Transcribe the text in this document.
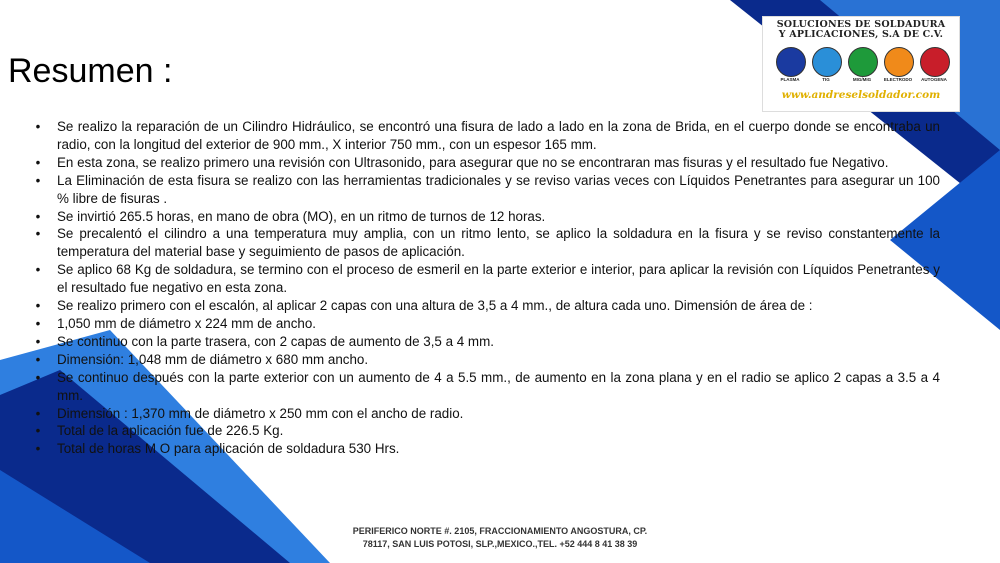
Resumen :
SOLUCIONES DE SOLDADURA
Y APLICACIONES, S.A DE C.V.
PLASMA	TIG	MIG/MIG	ELECTRODO	AUTOGENA
www.andreselsoldador.com
• Se realizo la reparación de un Cilindro Hidráulico, se encontró una fisura de lado a lado en la zona de Brida, en el cuerpo donde se encontraba un radio, con la longitud del exterior de 900 mm., X interior 750 mm., con un espesor 165 mm.
• En esta zona, se realizo primero una revisión con Ultrasonido, para asegurar que no se encontraran mas fisuras y el resultado fue Negativo.
• La Eliminación de esta fisura se realizo con las herramientas tradicionales y se reviso varias veces con Líquidos Penetrantes para asegurar un 100 % libre de fisuras .
• Se invirtió 265.5 horas, en mano de obra (MO), en un ritmo de turnos de 12 horas.
• Se precalentó el cilindro a una temperatura muy amplia, con un ritmo lento, se aplico la soldadura en la fisura y se reviso constantemente la temperatura del material base y seguimiento de pasos de aplicación.
• Se aplico 68 Kg de soldadura, se termino con el proceso de esmeril en la parte exterior e interior, para aplicar la revisión con Líquidos Penetrantes y el resultado fue negativo en esta zona.
• Se realizo primero con el escalón, al aplicar 2 capas con una altura de 3,5 a 4 mm., de altura cada uno. Dimensión de área de :
• 1,050 mm de diámetro x 224 mm de ancho.
• Se continuo con la parte trasera, con 2 capas de aumento de 3,5 a 4 mm.
• Dimensión: 1,048 mm de diámetro x 680 mm ancho.
• Se continuo después con la parte exterior con un aumento de 4 a 5.5 mm., de aumento en la zona plana y en el radio se aplico 2 capas a 3.5 a 4 mm.
• Dimensión : 1,370 mm de diámetro x 250 mm con el ancho de radio.
• Total de la aplicación fue de 226.5 Kg.
• Total de horas M O para aplicación de soldadura 530 Hrs.
PERIFERICO NORTE #. 2105, FRACCIONAMIENTO ANGOSTURA, CP.
78117, SAN LUIS POTOSI, SLP.,MEXICO.,TEL. +52 444 8 41 38 39
